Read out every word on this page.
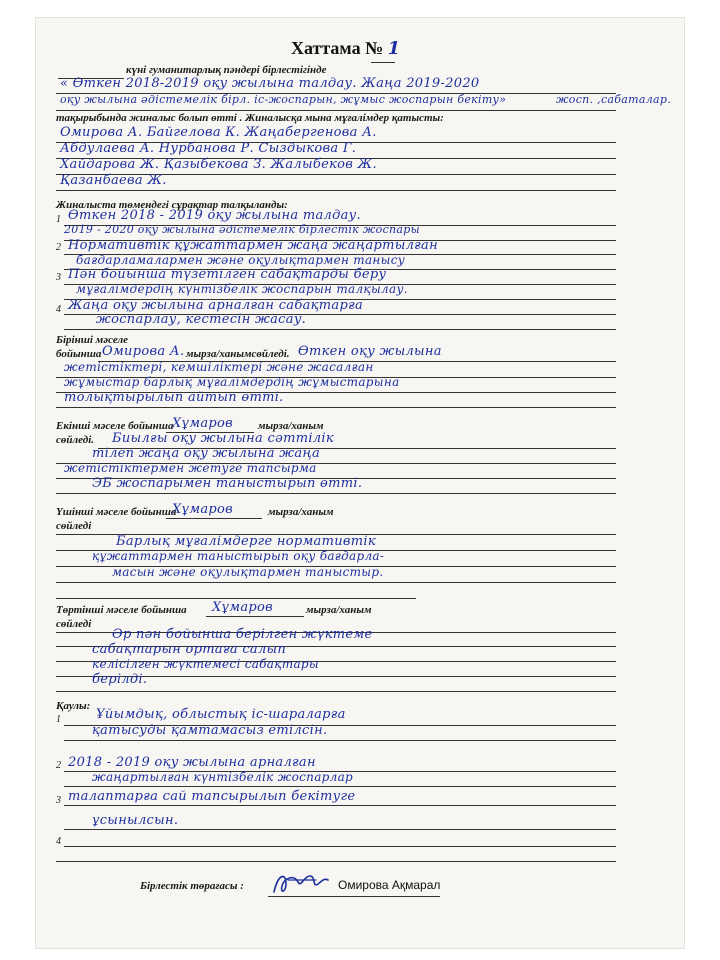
Хаттама № 1
күні гуманитарлық пәндері бірлестігінде
« Өткен 2018-2019 оқу жылына талдау. Жаңа 2019-2020
оқу жылына әдістемелік бірл. іс-жоспарын, жұмыс жоспарын бекіту»	жосп. ,сабаталар.
тақырыбында жиналыс болып өтті . Жиналысқа мына мұғалімдер қатысты:
Омирова А. Байгелова К. Жаңабергенова А.
Абдулаева А. Нурбанова Р. Сыздыкова Г.
Хайдарова Ж. Қазыбекова З. Жалыбеков Ж.
Қазанбаева Ж.
Жиналыста төмендегі сұрақтар талқыланды:
1 Өткен 2018 - 2019 оқу жылына талдау.
2019 - 2020 оқу жылына әдістемелік бірлестік жоспары
2 Нормативтік құжаттармен жаңа жаңартылған
бағдарламалармен және оқулықтармен танысу
3 Пән бойынша түзетілген сабақтарды беру
мұғалімдердің күнтізбелік жоспарын талқылау.
4 Жаңа оқу жылына арналған сабақтарға
жоспарлау, кестесін жасау.
Бірінші мәселе
бойынша Омирова А. мырза/ханымсөйледі. Өткен оқу жылына
жетістіктері, кемшіліктері және жасалған
жұмыстар барлық мұғалімдердің жұмыстарына
толықтырылып айтып өтті.
Екінші мәселе бойынша
Хұмаров мырза/ханым
сөйледі. Биылғы оқу жылына сәттілік
тілеп жаңа оқу жылына жаңа
жетістіктермен жетуге тапсырма
ЭБ жоспарымен таныстырып өтті.
Үшінші мәселе бойынша
Хұмаров	мырза/ханым
сөйледі
Барлық мұғалімдерге нормативтік
құжаттармен таныстырып оқу бағдарла-
масын және оқулықтармен таныстыр.
Төртінші мәселе бойынша Хұмаров	мырза/ханым
сөйледі
Әр пән бойынша берілген жүктеме
сабақтарын ортаға салып
келісілген жүктемесі сабақтары
берілді.
Қаулы:
1	Ұйымдық, облыстық іс-шараларға
қатысуды қамтамасыз етілсін.
2 2018 - 2019 оқу жылына арналған
жаңартылған күнтізбелік жоспарлар
3 талаптарға сай тапсырылып бекітуге
ұсынылсын.
4
Бірлестік төрағасы :	Омирова Ақмарал
